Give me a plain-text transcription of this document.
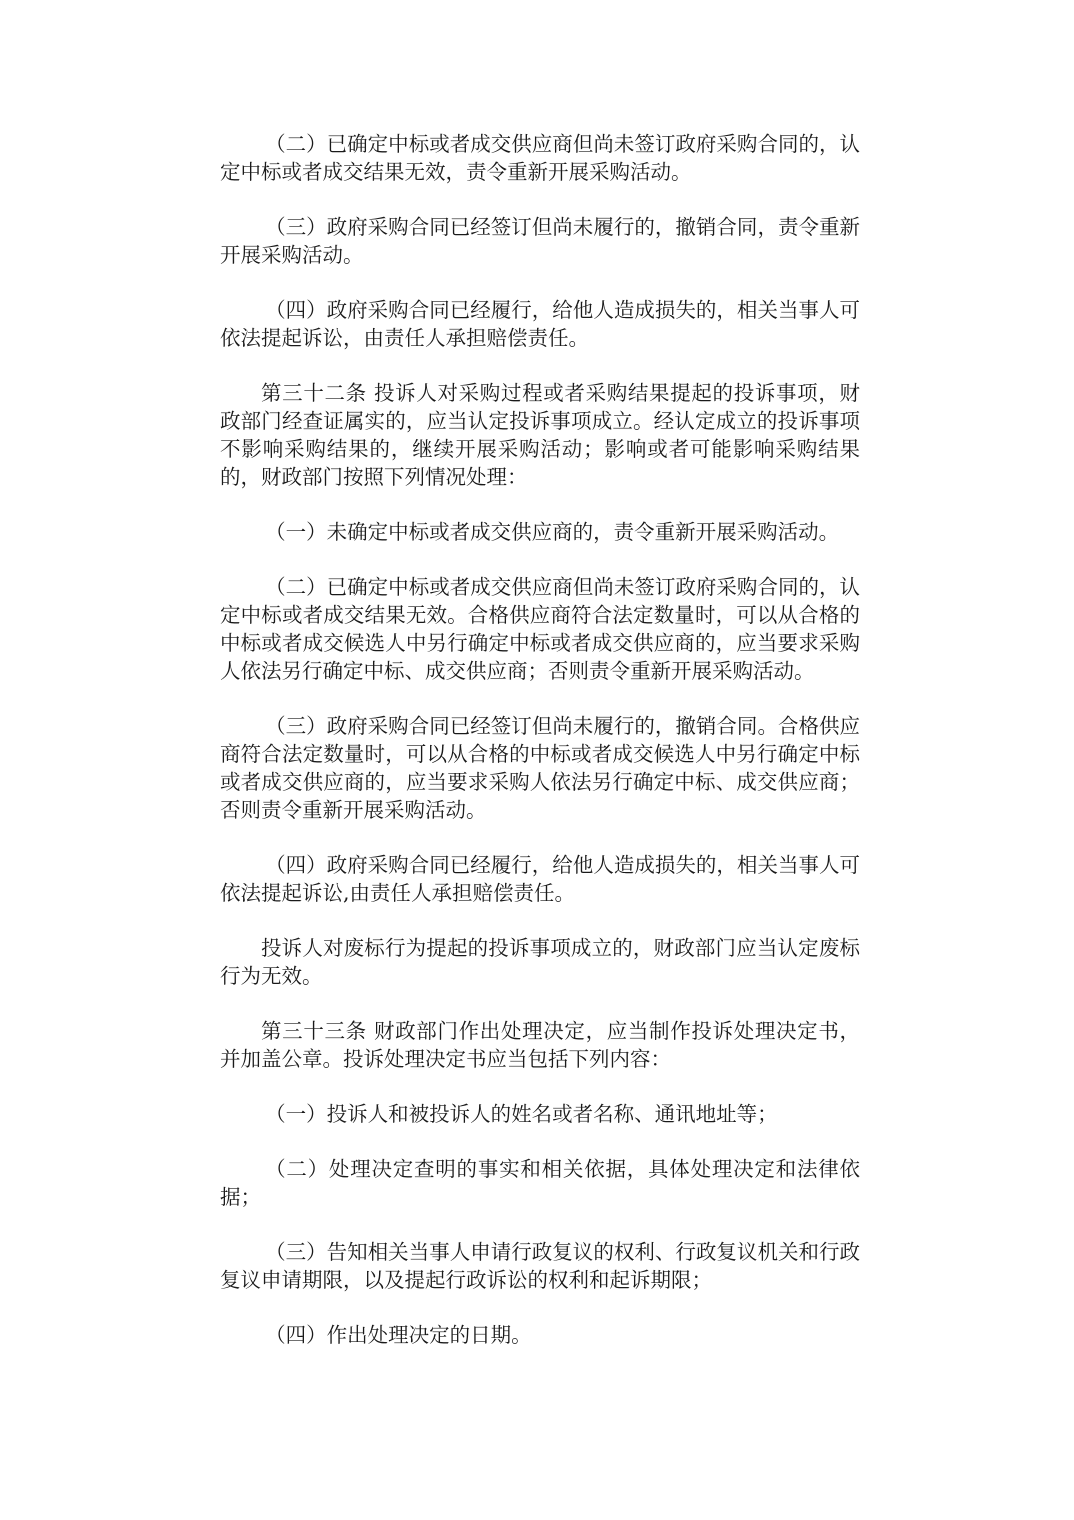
（二）已确定中标或者成交供应商但尚未签订政府采购合同的，认定中标或者成交结果无效，责令重新开展采购活动。

（三）政府采购合同已经签订但尚未履行的，撤销合同，责令重新开展采购活动。

（四）政府采购合同已经履行，给他人造成损失的，相关当事人可依法提起诉讼，由责任人承担赔偿责任。

第三十二条 投诉人对采购过程或者采购结果提起的投诉事项，财政部门经查证属实的，应当认定投诉事项成立。经认定成立的投诉事项不影响采购结果的，继续开展采购活动；影响或者可能影响采购结果的，财政部门按照下列情况处理：

（一）未确定中标或者成交供应商的，责令重新开展采购活动。

（二）已确定中标或者成交供应商但尚未签订政府采购合同的，认定中标或者成交结果无效。合格供应商符合法定数量时，可以从合格的中标或者成交候选人中另行确定中标或者成交供应商的，应当要求采购人依法另行确定中标、成交供应商；否则责令重新开展采购活动。

（三）政府采购合同已经签订但尚未履行的，撤销合同。合格供应商符合法定数量时，可以从合格的中标或者成交候选人中另行确定中标或者成交供应商的，应当要求采购人依法另行确定中标、成交供应商；否则责令重新开展采购活动。

（四）政府采购合同已经履行，给他人造成损失的，相关当事人可依法提起诉讼,由责任人承担赔偿责任。

投诉人对废标行为提起的投诉事项成立的，财政部门应当认定废标行为无效。

第三十三条 财政部门作出处理决定，应当制作投诉处理决定书，并加盖公章。投诉处理决定书应当包括下列内容：

（一）投诉人和被投诉人的姓名或者名称、通讯地址等；

（二）处理决定查明的事实和相关依据，具体处理决定和法律依据；

（三）告知相关当事人申请行政复议的权利、行政复议机关和行政复议申请期限，以及提起行政诉讼的权利和起诉期限；

（四）作出处理决定的日期。
